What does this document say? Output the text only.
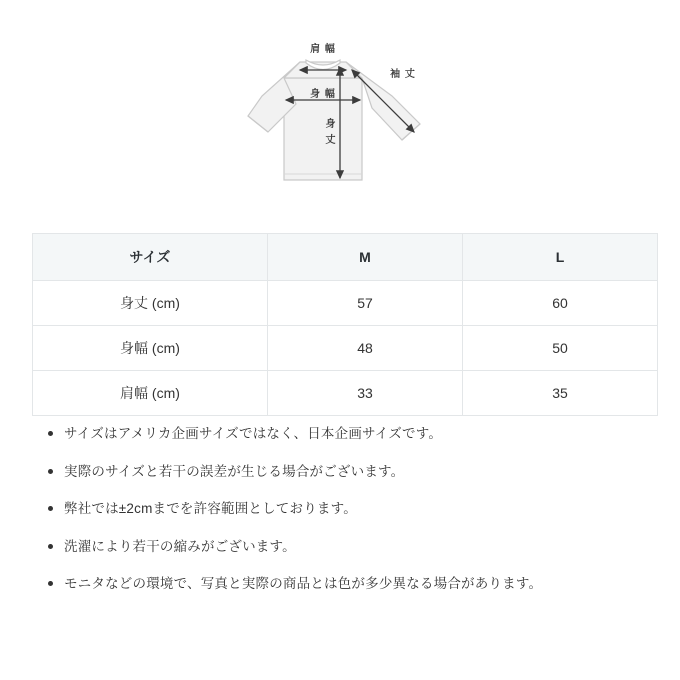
肩 幅
身 幅
身
丈
袖 丈
サイズ	M	L
身丈 (cm)	57	60
身幅 (cm)	48	50
肩幅 (cm)	33	35
サイズはアメリカ企画サイズではなく、日本企画サイズです。
実際のサイズと若干の誤差が生じる場合がございます。
弊社では±2cmまでを許容範囲としております。
洗濯により若干の縮みがございます。
モニタなどの環境で、写真と実際の商品とは色が多少異なる場合があります。
